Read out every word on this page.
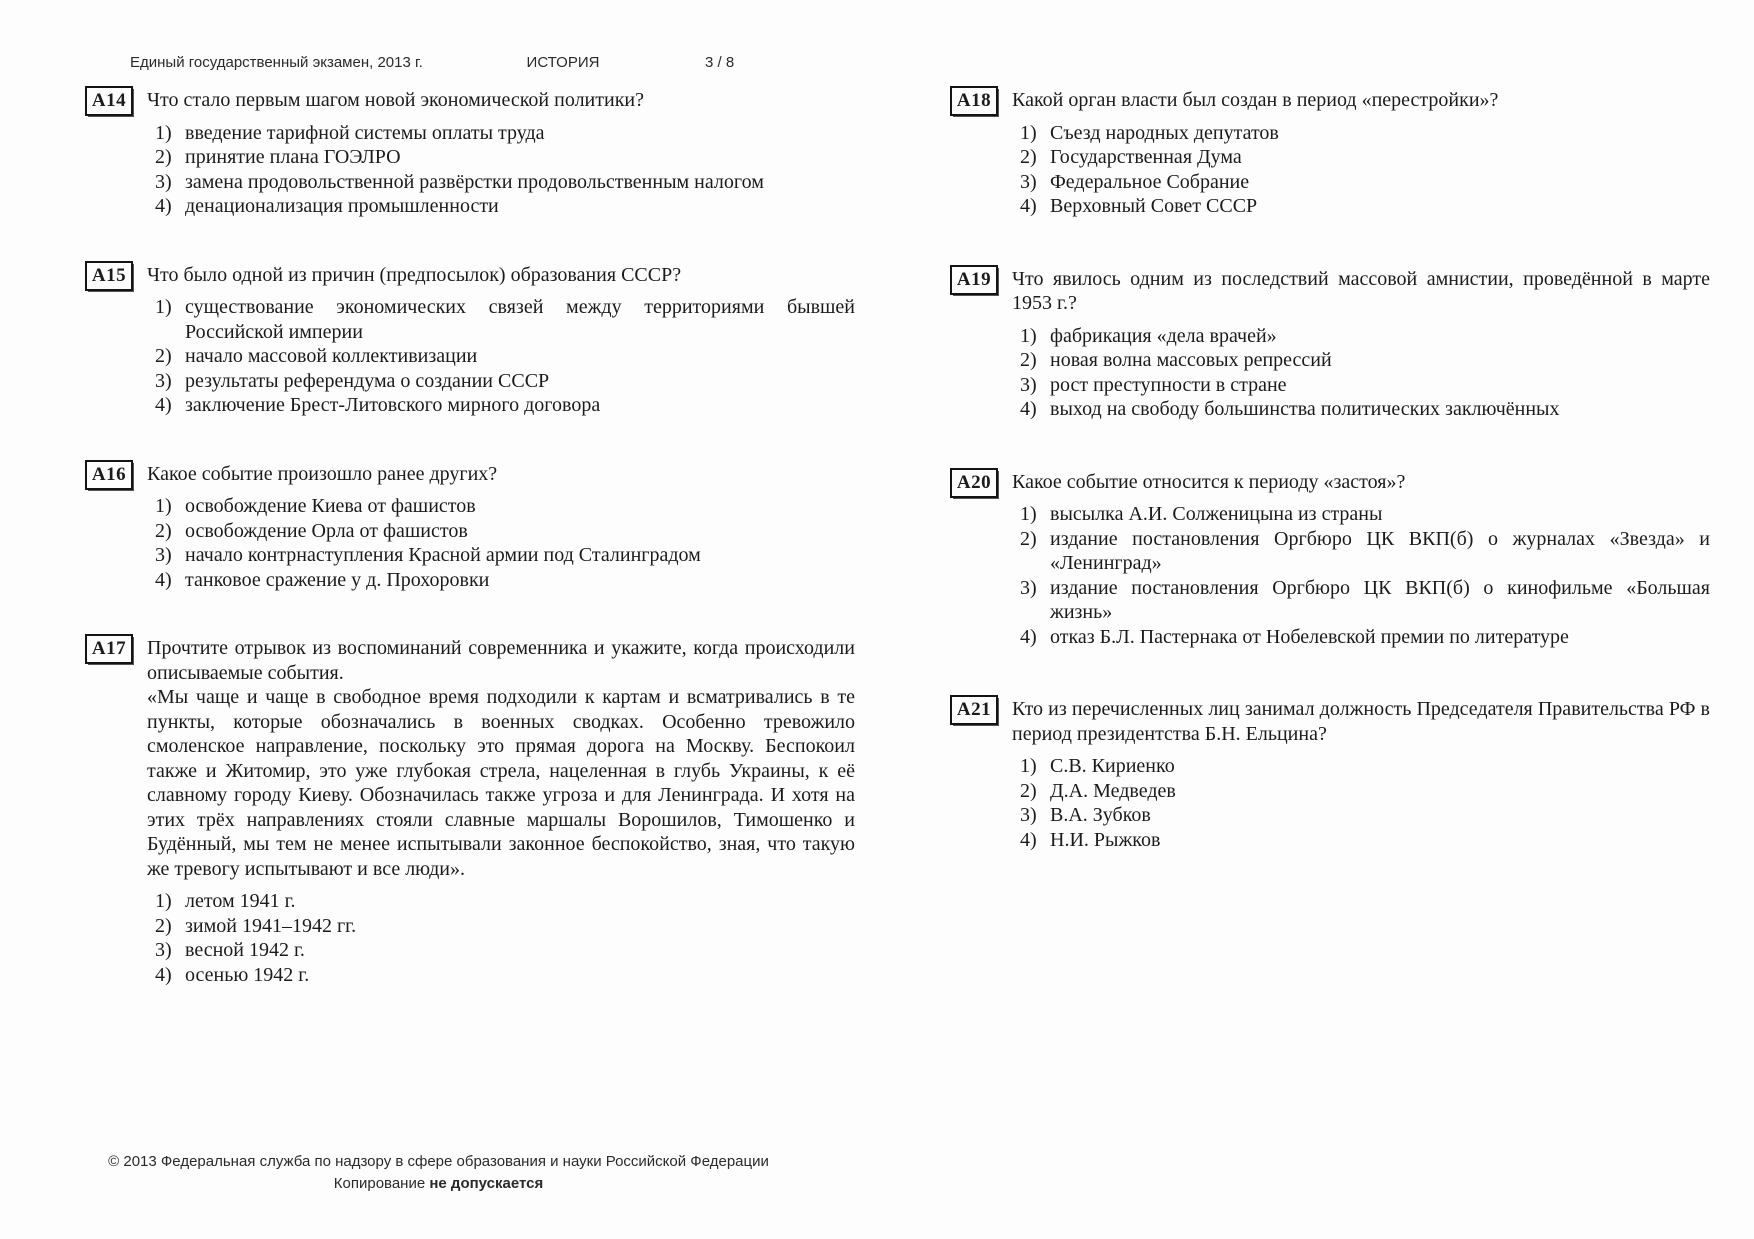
Единый государственный экзамен, 2013 г.	ИСТОРИЯ	3 / 8
А14	Что стало первым шагом новой экономической политики?
1) введение тарифной системы оплаты труда
2) принятие плана ГОЭЛРО
3) замена продовольственной развёрстки продовольственным налогом
4) денационализация промышленности
А15	Что было одной из причин (предпосылок) образования СССР?
1) существование экономических связей между территориями бывшей Российской империи
2) начало массовой коллективизации
3) результаты референдума о создании СССР
4) заключение Брест-Литовского мирного договора
А16	Какое событие произошло ранее других?
1) освобождение Киева от фашистов
2) освобождение Орла от фашистов
3) начало контрнаступления Красной армии под Сталинградом
4) танковое сражение у д. Прохоровки
А17	Прочтите отрывок из воспоминаний современника и укажите, когда происходили описываемые события.
«Мы чаще и чаще в свободное время подходили к картам и всматривались в те пункты, которые обозначались в военных сводках. Особенно тревожило смоленское направление, поскольку это прямая дорога на Москву. Беспокоил также и Житомир, это уже глубокая стрела, нацеленная в глубь Украины, к её славному городу Киеву. Обозначилась также угроза и для Ленинграда. И хотя на этих трёх направлениях стояли славные маршалы Ворошилов, Тимошенко и Будённый, мы тем не менее испытывали законное беспокойство, зная, что такую же тревогу испытывают и все люди».
1) летом 1941 г.
2) зимой 1941–1942 гг.
3) весной 1942 г.
4) осенью 1942 г.
© 2013 Федеральная служба по надзору в сфере образования и науки Российской Федерации
Копирование не допускается
А18	Какой орган власти был создан в период «перестройки»?
1) Съезд народных депутатов
2) Государственная Дума
3) Федеральное Собрание
4) Верховный Совет СССР
А19	Что явилось одним из последствий массовой амнистии, проведённой в марте 1953 г.?
1) фабрикация «дела врачей»
2) новая волна массовых репрессий
3) рост преступности в стране
4) выход на свободу большинства политических заключённых
А20	Какое событие относится к периоду «застоя»?
1) высылка А.И. Солженицына из страны
2) издание постановления Оргбюро ЦК ВКП(б) о журналах «Звезда» и «Ленинград»
3) издание постановления Оргбюро ЦК ВКП(б) о кинофильме «Большая жизнь»
4) отказ Б.Л. Пастернака от Нобелевской премии по литературе
А21	Кто из перечисленных лиц занимал должность Председателя Правительства РФ в период президентства Б.Н. Ельцина?
1) С.В. Кириенко
2) Д.А. Медведев
3) В.А. Зубков
4) Н.И. Рыжков
